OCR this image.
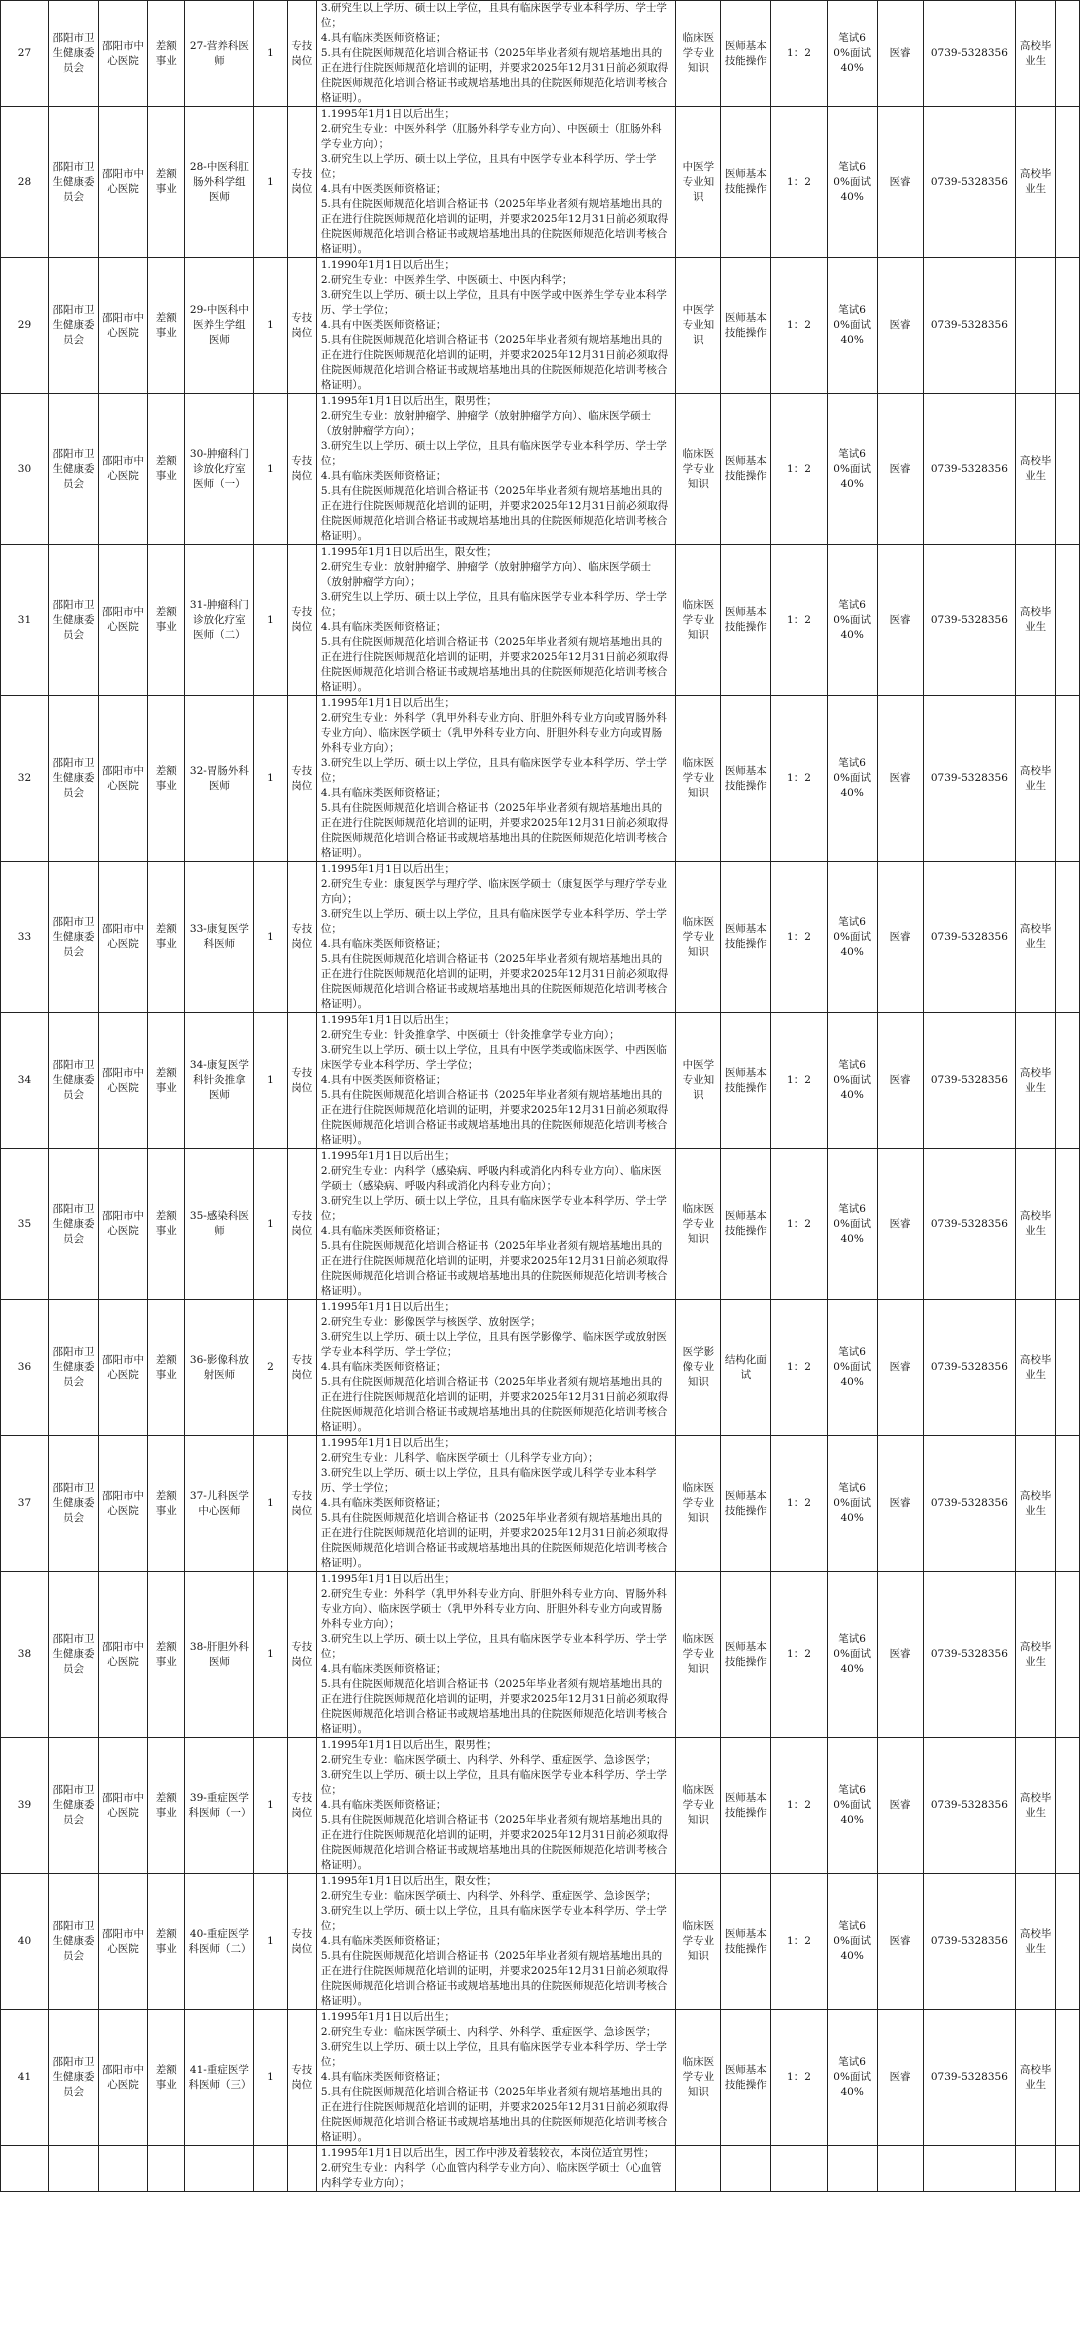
27	邵阳市卫生健康委员会	邵阳市中心医院	差额事业	27-营养科医师	1	专技岗位	3.研究生以上学历、硕士以上学位，且具有临床医学专业本科学历、学士学位；
4.具有临床类医师资格证；
5.具有住院医师规范化培训合格证书（2025年毕业者须有规培基地出具的正在进行住院医师规范化培训的证明，并要求2025年12月31日前必须取得住院医师规范化培训合格证书或规培基地出具的住院医师规范化培训考核合格证明）。	临床医学专业知识	医师基本技能操作	1：2	笔试60%面试40%	医睿	0739-5328356	高校毕业生	
28	邵阳市卫生健康委员会	邵阳市中心医院	差额事业	28-中医科肛肠外科学组医师	1	专技岗位	1.1995年1月1日以后出生；
2.研究生专业：中医外科学（肛肠外科学专业方向）、中医硕士（肛肠外科学专业方向）；
3.研究生以上学历、硕士以上学位，且具有中医学专业本科学历、学士学位；
4.具有中医类医师资格证；
5.具有住院医师规范化培训合格证书（2025年毕业者须有规培基地出具的正在进行住院医师规范化培训的证明，并要求2025年12月31日前必须取得住院医师规范化培训合格证书或规培基地出具的住院医师规范化培训考核合格证明）。	中医学专业知识	医师基本技能操作	1：2	笔试60%面试40%	医睿	0739-5328356	高校毕业生	
29	邵阳市卫生健康委员会	邵阳市中心医院	差额事业	29-中医科中医养生学组医师	1	专技岗位	1.1990年1月1日以后出生；
2.研究生专业：中医养生学、中医硕士、中医内科学；
3.研究生以上学历、硕士以上学位，且具有中医学或中医养生学专业本科学历、学士学位；
4.具有中医类医师资格证；
5.具有住院医师规范化培训合格证书（2025年毕业者须有规培基地出具的正在进行住院医师规范化培训的证明，并要求2025年12月31日前必须取得住院医师规范化培训合格证书或规培基地出具的住院医师规范化培训考核合格证明）。	中医学专业知识	医师基本技能操作	1：2	笔试60%面试40%	医睿	0739-5328356		
30	邵阳市卫生健康委员会	邵阳市中心医院	差额事业	30-肿瘤科门诊放化疗室医师（一）	1	专技岗位	1.1995年1月1日以后出生，限男性；
2.研究生专业：放射肿瘤学、肿瘤学（放射肿瘤学方向）、临床医学硕士（放射肿瘤学方向）；
3.研究生以上学历、硕士以上学位，且具有临床医学专业本科学历、学士学位；
4.具有临床类医师资格证；
5.具有住院医师规范化培训合格证书（2025年毕业者须有规培基地出具的正在进行住院医师规范化培训的证明，并要求2025年12月31日前必须取得住院医师规范化培训合格证书或规培基地出具的住院医师规范化培训考核合格证明）。	临床医学专业知识	医师基本技能操作	1：2	笔试60%面试40%	医睿	0739-5328356	高校毕业生	
31	邵阳市卫生健康委员会	邵阳市中心医院	差额事业	31-肿瘤科门诊放化疗室医师（二）	1	专技岗位	1.1995年1月1日以后出生，限女性；
2.研究生专业：放射肿瘤学、肿瘤学（放射肿瘤学方向）、临床医学硕士（放射肿瘤学方向）；
3.研究生以上学历、硕士以上学位，且具有临床医学专业本科学历、学士学位；
4.具有临床类医师资格证；
5.具有住院医师规范化培训合格证书（2025年毕业者须有规培基地出具的正在进行住院医师规范化培训的证明，并要求2025年12月31日前必须取得住院医师规范化培训合格证书或规培基地出具的住院医师规范化培训考核合格证明）。	临床医学专业知识	医师基本技能操作	1：2	笔试60%面试40%	医睿	0739-5328356	高校毕业生	
32	邵阳市卫生健康委员会	邵阳市中心医院	差额事业	32-胃肠外科医师	1	专技岗位	1.1995年1月1日以后出生；
2.研究生专业：外科学（乳甲外科专业方向、肝胆外科专业方向或胃肠外科专业方向）、临床医学硕士（乳甲外科专业方向、肝胆外科专业方向或胃肠外科专业方向）；
3.研究生以上学历、硕士以上学位，且具有临床医学专业本科学历、学士学位；
4.具有临床类医师资格证；
5.具有住院医师规范化培训合格证书（2025年毕业者须有规培基地出具的正在进行住院医师规范化培训的证明，并要求2025年12月31日前必须取得住院医师规范化培训合格证书或规培基地出具的住院医师规范化培训考核合格证明）。	临床医学专业知识	医师基本技能操作	1：2	笔试60%面试40%	医睿	0739-5328356	高校毕业生	
33	邵阳市卫生健康委员会	邵阳市中心医院	差额事业	33-康复医学科医师	1	专技岗位	1.1995年1月1日以后出生；
2.研究生专业：康复医学与理疗学、临床医学硕士（康复医学与理疗学专业方向）；
3.研究生以上学历、硕士以上学位，且具有临床医学专业本科学历、学士学位；
4.具有临床类医师资格证；
5.具有住院医师规范化培训合格证书（2025年毕业者须有规培基地出具的正在进行住院医师规范化培训的证明，并要求2025年12月31日前必须取得住院医师规范化培训合格证书或规培基地出具的住院医师规范化培训考核合格证明）。	临床医学专业知识	医师基本技能操作	1：2	笔试60%面试40%	医睿	0739-5328356	高校毕业生	
34	邵阳市卫生健康委员会	邵阳市中心医院	差额事业	34-康复医学科针灸推拿医师	1	专技岗位	1.1995年1月1日以后出生；
2.研究生专业：针灸推拿学、中医硕士（针灸推拿学专业方向）；
3.研究生以上学历、硕士以上学位，且具有中医学类或临床医学、中西医临床医学专业本科学历、学士学位；
4.具有中医类医师资格证；
5.具有住院医师规范化培训合格证书（2025年毕业者须有规培基地出具的正在进行住院医师规范化培训的证明，并要求2025年12月31日前必须取得住院医师规范化培训合格证书或规培基地出具的住院医师规范化培训考核合格证明）。	中医学专业知识	医师基本技能操作	1：2	笔试60%面试40%	医睿	0739-5328356	高校毕业生	
35	邵阳市卫生健康委员会	邵阳市中心医院	差额事业	35-感染科医师	1	专技岗位	1.1995年1月1日以后出生；
2.研究生专业：内科学（感染病、呼吸内科或消化内科专业方向）、临床医学硕士（感染病、呼吸内科或消化内科专业方向）；
3.研究生以上学历、硕士以上学位，且具有临床医学专业本科学历、学士学位；
4.具有临床类医师资格证；
5.具有住院医师规范化培训合格证书（2025年毕业者须有规培基地出具的正在进行住院医师规范化培训的证明，并要求2025年12月31日前必须取得住院医师规范化培训合格证书或规培基地出具的住院医师规范化培训考核合格证明）。	临床医学专业知识	医师基本技能操作	1：2	笔试60%面试40%	医睿	0739-5328356	高校毕业生	
36	邵阳市卫生健康委员会	邵阳市中心医院	差额事业	36-影像科放射医师	2	专技岗位	1.1995年1月1日以后出生；
2.研究生专业：影像医学与核医学、放射医学；
3.研究生以上学历、硕士以上学位，且具有医学影像学、临床医学或放射医学专业本科学历、学士学位；
4.具有临床类医师资格证；
5.具有住院医师规范化培训合格证书（2025年毕业者须有规培基地出具的正在进行住院医师规范化培训的证明，并要求2025年12月31日前必须取得住院医师规范化培训合格证书或规培基地出具的住院医师规范化培训考核合格证明）。	医学影像专业知识	结构化面试	1：2	笔试60%面试40%	医睿	0739-5328356	高校毕业生	
37	邵阳市卫生健康委员会	邵阳市中心医院	差额事业	37-儿科医学中心医师	1	专技岗位	1.1995年1月1日以后出生；
2.研究生专业：儿科学、临床医学硕士（儿科学专业方向）；
3.研究生以上学历、硕士以上学位，且具有临床医学或儿科学专业本科学历、学士学位；
4.具有临床类医师资格证；
5.具有住院医师规范化培训合格证书（2025年毕业者须有规培基地出具的正在进行住院医师规范化培训的证明，并要求2025年12月31日前必须取得住院医师规范化培训合格证书或规培基地出具的住院医师规范化培训考核合格证明）。	临床医学专业知识	医师基本技能操作	1：2	笔试60%面试40%	医睿	0739-5328356	高校毕业生	
38	邵阳市卫生健康委员会	邵阳市中心医院	差额事业	38-肝胆外科医师	1	专技岗位	1.1995年1月1日以后出生；
2.研究生专业：外科学（乳甲外科专业方向、肝胆外科专业方向、胃肠外科专业方向）、临床医学硕士（乳甲外科专业方向、肝胆外科专业方向或胃肠外科专业方向）；
3.研究生以上学历、硕士以上学位，且具有临床医学专业本科学历、学士学位；
4.具有临床类医师资格证；
5.具有住院医师规范化培训合格证书（2025年毕业者须有规培基地出具的正在进行住院医师规范化培训的证明，并要求2025年12月31日前必须取得住院医师规范化培训合格证书或规培基地出具的住院医师规范化培训考核合格证明）。	临床医学专业知识	医师基本技能操作	1：2	笔试60%面试40%	医睿	0739-5328356	高校毕业生	
39	邵阳市卫生健康委员会	邵阳市中心医院	差额事业	39-重症医学科医师（一）	1	专技岗位	1.1995年1月1日以后出生，限男性；
2.研究生专业：临床医学硕士、内科学、外科学、重症医学、急诊医学；
3.研究生以上学历、硕士以上学位，且具有临床医学专业本科学历、学士学位；
4.具有临床类医师资格证；
5.具有住院医师规范化培训合格证书（2025年毕业者须有规培基地出具的正在进行住院医师规范化培训的证明，并要求2025年12月31日前必须取得住院医师规范化培训合格证书或规培基地出具的住院医师规范化培训考核合格证明）。	临床医学专业知识	医师基本技能操作	1：2	笔试60%面试40%	医睿	0739-5328356	高校毕业生	
40	邵阳市卫生健康委员会	邵阳市中心医院	差额事业	40-重症医学科医师（二）	1	专技岗位	1.1995年1月1日以后出生，限女性；
2.研究生专业：临床医学硕士、内科学、外科学、重症医学、急诊医学；
3.研究生以上学历、硕士以上学位，且具有临床医学专业本科学历、学士学位；
4.具有临床类医师资格证；
5.具有住院医师规范化培训合格证书（2025年毕业者须有规培基地出具的正在进行住院医师规范化培训的证明，并要求2025年12月31日前必须取得住院医师规范化培训合格证书或规培基地出具的住院医师规范化培训考核合格证明）。	临床医学专业知识	医师基本技能操作	1：2	笔试60%面试40%	医睿	0739-5328356	高校毕业生	
41	邵阳市卫生健康委员会	邵阳市中心医院	差额事业	41-重症医学科医师（三）	1	专技岗位	1.1995年1月1日以后出生；
2.研究生专业：临床医学硕士、内科学、外科学、重症医学、急诊医学；
3.研究生以上学历、硕士以上学位，且具有临床医学专业本科学历、学士学位；
4.具有临床类医师资格证；
5.具有住院医师规范化培训合格证书（2025年毕业者须有规培基地出具的正在进行住院医师规范化培训的证明，并要求2025年12月31日前必须取得住院医师规范化培训合格证书或规培基地出具的住院医师规范化培训考核合格证明）。	临床医学专业知识	医师基本技能操作	1：2	笔试60%面试40%	医睿	0739-5328356	高校毕业生	

							1.1995年1月1日以后出生，因工作中涉及着装较衣，本岗位适宜男性；
2.研究生专业：内科学（心血管内科学专业方向）、临床医学硕士（心血管内科学专业方向）；								
